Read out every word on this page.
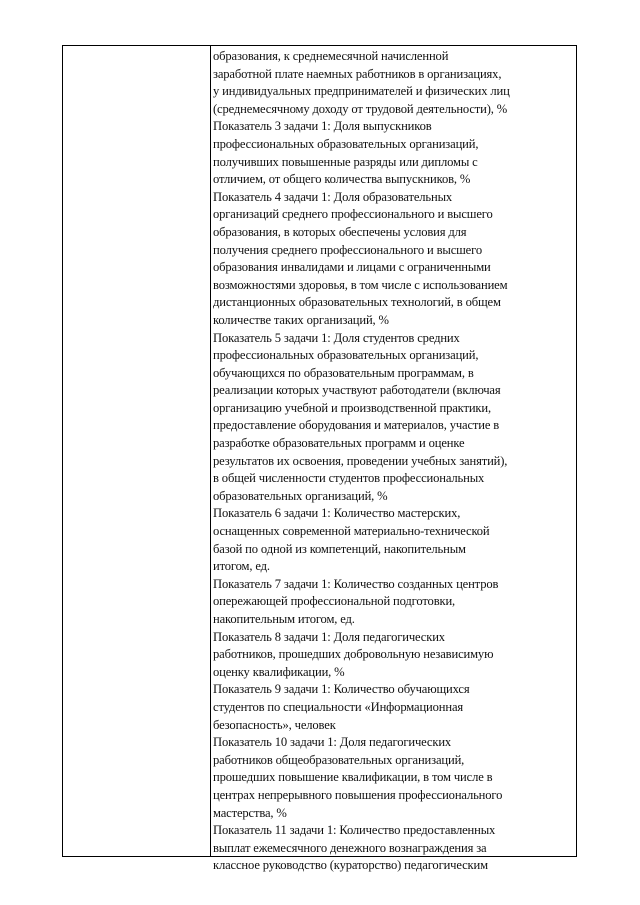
образования, к среднемесячной начисленной
заработной плате наемных работников в организациях,
у индивидуальных предпринимателей и физических лиц
(среднемесячному доходу от трудовой деятельности), %
Показатель 3 задачи 1: Доля выпускников
профессиональных образовательных организаций,
получивших повышенные разряды или дипломы с
отличием, от общего количества выпускников, %
Показатель 4 задачи 1: Доля образовательных
организаций среднего профессионального и высшего
образования, в которых обеспечены условия для
получения среднего профессионального и высшего
образования инвалидами и лицами с ограниченными
возможностями здоровья, в том числе с использованием
дистанционных образовательных технологий, в общем
количестве таких организаций, %
Показатель 5 задачи 1: Доля студентов средних
профессиональных образовательных организаций,
обучающихся по образовательным программам, в
реализации которых участвуют работодатели (включая
организацию учебной и производственной практики,
предоставление оборудования и материалов, участие в
разработке образовательных программ и оценке
результатов их освоения, проведении учебных занятий),
в общей численности студентов профессиональных
образовательных организаций, %
Показатель 6 задачи 1: Количество мастерских,
оснащенных современной материально-технической
базой по одной из компетенций, накопительным
итогом, ед.
Показатель 7 задачи 1: Количество созданных центров
опережающей профессиональной подготовки,
накопительным итогом, ед.
Показатель 8 задачи 1: Доля педагогических
работников, прошедших добровольную независимую
оценку квалификации, %
Показатель 9 задачи 1: Количество обучающихся
студентов по специальности «Информационная
безопасность», человек
Показатель 10 задачи 1: Доля педагогических
работников общеобразовательных организаций,
прошедших повышение квалификации, в том числе в
центрах непрерывного повышения профессионального
мастерства, %
Показатель 11 задачи 1: Количество предоставленных
выплат ежемесячного денежного вознаграждения за
классное руководство (кураторство) педагогическим
